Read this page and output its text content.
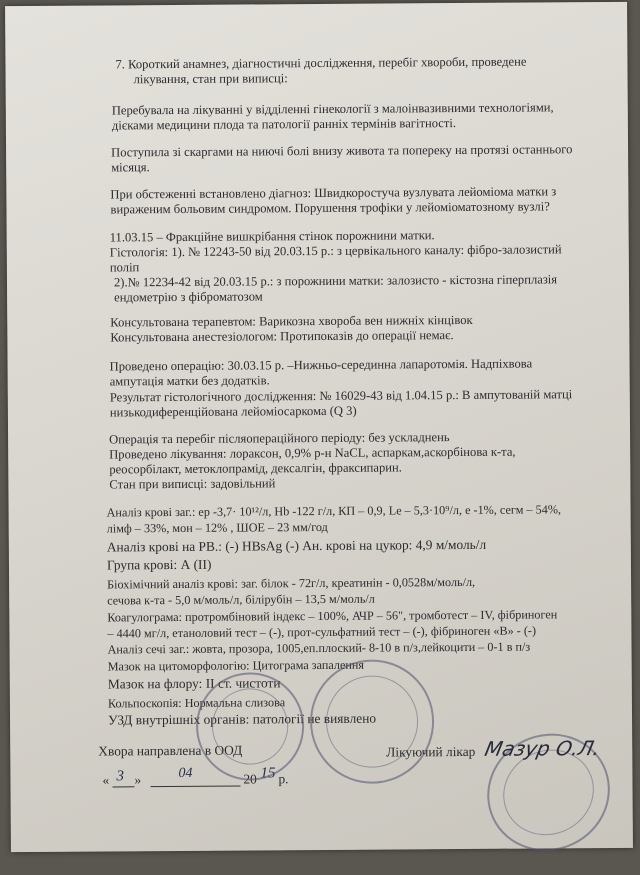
7. Короткий анамнез, діагностичні дослідження, перебіг хвороби, проведене
лікування, стан при виписці:
Перебувала на лікуванні у відділенні гінекології з малоінвазивними технологіями,
дієками медицини плода та патології ранніх термінів вагітності.
Поступила зі скаргами на ниючі болі внизу живота та попереку на протязі останнього
місяця.
При обстеженні встановлено діагноз: Швидкоростуча вузлувата лейоміома матки з
вираженим больовим синдромом. Порушення трофіки у лейоміоматозному вузлі?
11.03.15 – Фракційне вишкрібання стінок порожнини матки.
Гістологія: 1). № 12243-50 від 20.03.15 р.: з цервікального каналу: фібро-залозистий
поліп
2).№ 12234-42 від 20.03.15 р.: з порожнини матки: залозисто - кістозна гіперплазія
ендометрію з фіброматозом
Консультована терапевтом: Варикозна хвороба вен нижніх кінцівок
Консультована анестезіологом: Протипоказів до операції немає.
Проведено операцію: 30.03.15 р. –Нижньо-серединна лапаротомія. Надпіхвова
ампутація матки без додатків.
Результат гістологічного дослідження: № 16029-43 від 1.04.15 р.: В ампутованій матці
низькодиференційована лейоміосаркома (Q 3)
Операція та перебіг післяопераційного періоду: без ускладнень
Проведено лікування: лораксон, 0,9% р-н NaCL, аспаркам,аскорбінова к-та,
реосорбілакт, метоклопрамід, дексалгін, фраксипарин.
Стан при виписці: задовільний
Аналіз крові заг.: ер -3,7· 10¹²/л, Hb -122 г/л, КП – 0,9, Le – 5,3·10⁹/л, е -1%, сегм – 54%,
лімф – 33%, мон – 12% , ШОЕ – 23 мм/год
Аналіз крові на РВ.: (-) HBsAg (-) Ан. крові на цукор: 4,9 м/моль/л
Група крові: А (ІІ)
Біохімічний аналіз крові: заг. білок - 72г/л, креатинін - 0,0528м/моль/л,
сечова к-та - 5,0 м/моль/л, білірубін – 13,5 м/моль/л
Коагулограма: протромбіновий індекс – 100%, АЧР – 56", тромботест – IV, фібриноген
– 4440 мг/л, етаноловий тест – (-), прот-сульфатний тест – (-), фібриноген «В» - (-)
Аналіз сечі заг.: жовта, прозора, 1005,еп.плоский- 8-10 в п/з,лейкоцити – 0-1 в п/з
Мазок на цитоморфологію: Цитограма запалення
Мазок на флору: ІІ ст. чистоти
Кольпоскопія: Нормальна слизова
УЗД внутрішніх органів: патології не виявлено
Хвора направлена в ООД
« 3 »	04	20 15 р.
Лікуючий лікар Мазур О.Л.
